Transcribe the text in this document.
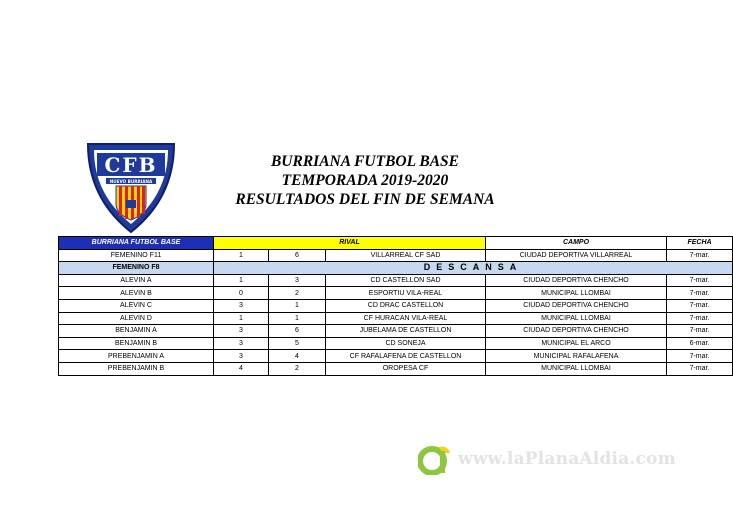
CFB
NUEVO BURRIANA
BURRIANA FUTBOL BASE
TEMPORADA 2019-2020
RESULTADOS DEL FIN DE SEMANA
BURRIANA FUTBOL BASE	RIVAL			CAMPO	FECHA
FEMENINO F11	1	6	VILLARREAL CF SAD	CIUDAD DEPORTIVA VILLARREAL	7-mar.
FEMENINO F8	DESCANSA				
ALEVIN A	1	3	CD CASTELLON SAD	CIUDAD DEPORTIVA CHENCHO	7-mar.
ALEVIN B	0	2	ESPORTIU VILA-REAL	MUNICIPAL LLOMBAI	7-mar.
ALEVIN C	3	1	CD DRAC CASTELLON	CIUDAD DEPORTIVA CHENCHO	7-mar.
ALEVIN D	1	1	CF HURACAN VILA-REAL	MUNICIPAL LLOMBAI	7-mar.
BENJAMIN A	3	6	JUBELAMA DE CASTELLON	CIUDAD DEPORTIVA CHENCHO	7-mar.
BENJAMIN B	3	5	CD SONEJA	MUNICIPAL EL ARCO	6-mar.
PREBENJAMIN A	3	4	CF RAFALAFENA DE CASTELLON	MUNICIPAL RAFALAFENA	7-mar.
PREBENJAMIN B	4	2	OROPESA CF	MUNICIPAL LLOMBAI	7-mar.
www.laPlanaAldia.com
